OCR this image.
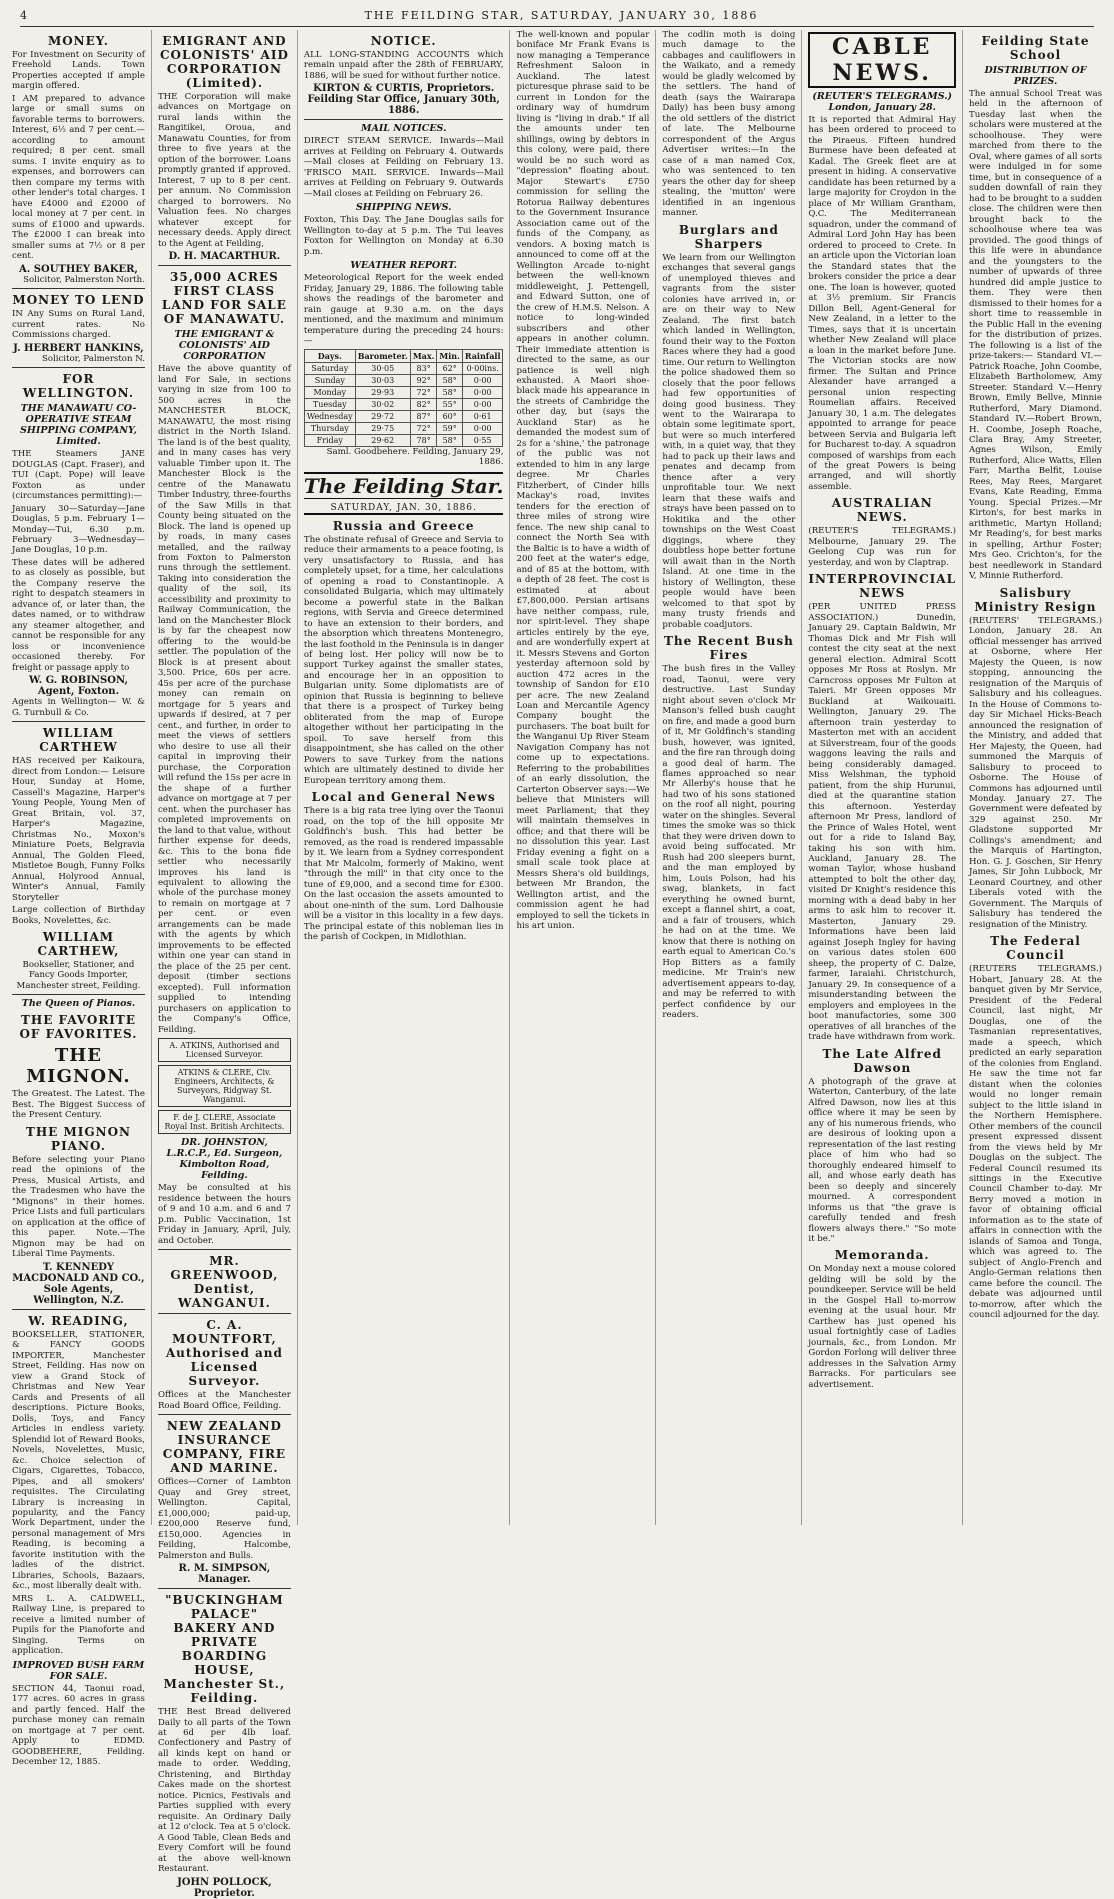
4	THE FEILDING STAR, SATURDAY, JANUARY 30, 1886
MONEY.

For Investment on Security of Freehold Lands. Town Properties accepted if ample margin offered.

I AM prepared to advance large or small sums on favorable terms to borrowers. Interest, 6½ and 7 per cent.—according to amount required; 8 per cent. small sums. I invite enquiry as to expenses, and borrowers can then compare my terms with other lender's total charges. I have £4000 and £2000 of local money at 7 per cent. in sums of £1000 and upwards. The £2000 I can break into smaller sums at 7½ or 8 per cent.

A. SOUTHEY BAKER,

Solicitor, Palmerston North.

MONEY TO LEND

IN Any Sums on Rural Land, current rates. No Commissions charged.

J. HERBERT HANKINS,

Solicitor, Palmerston N.

FOR WELLINGTON.
THE MANAWATU CO-OPERATIVE STEAM SHIPPING COMPANY, Limited.

THE Steamers JANE DOUGLAS (Capt. Fraser), and TUI (Capt. Pope) will leave Foxton as under (circumstances permitting):—

January 30—Saturday—Jane Douglas, 5 p.m. February 1—Monday—Tui, 6.30 p.m. February 3—Wednesday—Jane Douglas, 10 p.m.

These dates will be adhered to as closely as possible, but the Company reserve the right to despatch steamers in advance of, or later than, the dates named, or to withdraw any steamer altogether, and cannot be responsible for any loss or inconvenience occasioned thereby. For freight or passage apply to

W. G. ROBINSON, Agent, Foxton.

Agents in Wellington— W. & G. Turnbull & Co.

WILLIAM CARTHEW

HAS received per Kaikoura, direct from London:— Leisure Hour, Sunday at Home, Cassell's Magazine, Harper's Young People, Young Men of Great Britain, vol. 37, Harper's Magazine, Christmas No., Moxon's Miniature Poets, Belgravia Annual, The Golden Fleed, Mistletoe Bough, Funny Folks Annual, Holyrood Annual, Winter's Annual, Family Storyteller

Large collection of Birthday Books, Novelettes, &c.

WILLIAM CARTHEW,

Bookseller, Stationer, and Fancy Goods Importer, Manchester street, Feilding.

The Queen of Pianos.
THE FAVORITE OF FAVORITES.
THE MIGNON.

The Greatest. The Latest. The Best. The Biggest Success of the Present Century.

THE MIGNON PIANO.

Before selecting your Piano read the opinions of the Press, Musical Artists, and the Tradesmen who have the "Mignons" in their homes. Price Lists and full particulars on application at the office of this paper. Note.—The Mignon may be had on Liberal Time Payments.

T. KENNEDY MACDONALD AND CO., Sole Agents, Wellington, N.Z.
W. READING,

BOOKSELLER, STATIONER, & FANCY GOODS IMPORTER, Manchester Street, Feilding. Has now on view a Grand Stock of Christmas and New Year Cards and Presents of all descriptions. Picture Books, Dolls, Toys, and Fancy Articles in endless variety. Splendid lot of Reward Books, Novels, Novelettes, Music, &c. Choice selection of Cigars, Cigarettes, Tobacco, Pipes, and all smokers' requisites. The Circulating Library is increasing in popularity, and the Fancy Work Department, under the personal management of Mrs Reading, is becoming a favorite institution with the ladies of the district. Libraries, Schools, Bazaars, &c., most liberally dealt with.

MRS L. A. CALDWELL, Railway Line, is prepared to receive a limited number of Pupils for the Pianoforte and Singing. Terms on application.

IMPROVED BUSH FARM FOR SALE.

SECTION 44, Taonui road, 177 acres. 60 acres in grass and partly fenced. Half the purchase money can remain on mortgage at 7 per cent. Apply to EDMD. GOODBEHERE, Feilding. December 12, 1885.

EMIGRANT AND COLONISTS' AID CORPORATION (Limited).

THE Corporation will make advances on Mortgage on rural lands within the Rangitikei, Oroua, and Manawatu Counties, for from three to five years at the option of the borrower. Loans promptly granted if approved. Interest, 7 up to 8 per cent. per annum. No Commission charged to borrowers. No Valuation fees. No charges whatever except for necessary deeds. Apply direct to the Agent at Feilding,

D. H. MACARTHUR.
35,000 ACRES FIRST CLASS LAND FOR SALE OF MANAWATU.
THE EMIGRANT & COLONISTS' AID CORPORATION

Have the above quantity of land For Sale, in sections varying in size from 100 to 500 acres in the MANCHESTER BLOCK, MANAWATU, the most rising district in the North Island. The land is of the best quality, and in many cases has very valuable Timber upon it. The Manchester Block is the centre of the Manawatu Timber Industry, three-fourths of the Saw Mills in that County being situated on the Block. The land is opened up by roads, in many cases metalled, and the railway from Foxton to Palmerston runs through the settlement. Taking into consideration the quality of the soil, its accessibility and proximity to Railway Communication, the land on the Manchester Block is by far the cheapest now offering to the would-be settler. The population of the Block is at present about 3,500. Price, 60s per acre. 45s per acre of the purchase money can remain on mortgage for 5 years and upwards if desired, at 7 per cent., and further, in order to meet the views of settlers who desire to use all their capital in improving their purchase, the Corporation will refund the 15s per acre in the shape of a further advance on mortgage at 7 per cent. when the purchaser has completed improvements on the land to that value, without further expense for deeds, &c. This to the bona fide settler who necessarily improves his land is equivalent to allowing the whole of the purchase money to remain on mortgage at 7 per cent. or even arrangements can be made with the agents by which improvements to be effected within one year can stand in the place of the 25 per cent. deposit (timber sections excepted). Full information supplied to intending purchasers on application to the Company's Office, Feilding.

A. ATKINS, Authorised and Licensed Surveyor.
ATKINS & CLERE, Civ. Engineers, Architects, & Surveyors, Ridgway St. Wanganui.
F. de J. CLERE, Associate Royal Inst. British Architects.
DR. JOHNSTON, L.R.C.P., Ed. Surgeon, Kimbolton Road, Feilding.

May be consulted at his residence between the hours of 9 and 10 a.m. and 6 and 7 p.m. Public Vaccination, 1st Friday in January, April, July, and October.

MR. GREENWOOD, Dentist, WANGANUI.
C. A. MOUNTFORT, Authorised and Licensed Surveyor.

Offices at the Manchester Road Board Office, Feilding.

NEW ZEALAND INSURANCE COMPANY, FIRE AND MARINE.

Offices—Corner of Lambton Quay and Grey street, Wellington. Capital, £1,000,000; paid-up, £200,000 Reserve fund, £150,000. Agencies in Feilding, Halcombe, Palmerston and Bulls.

R. M. SIMPSON, Manager.
"BUCKINGHAM PALACE" BAKERY AND PRIVATE BOARDING HOUSE, Manchester St., Feilding.

THE Best Bread delivered Daily to all parts of the Town at 6d per 4lb loaf. Confectionery and Pastry of all kinds kept on hand or made to order. Wedding, Christening, and Birthday Cakes made on the shortest notice. Picnics, Festivals and Parties supplied with every requisite. An Ordinary Daily at 12 o'clock. Tea at 5 o'clock. A Good Table, Clean Beds and Every Comfort will be found at the above well-known Restaurant.

JOHN POLLOCK, Proprietor.
NOTICE.

ALL LONG-STANDING ACCOUNTS which remain unpaid after the 28th of FEBRUARY, 1886, will be sued for without further notice.

KIRTON & CURTIS, Proprietors. Feilding Star Office, January 30th, 1886.
MAIL NOTICES.

DIRECT STEAM SERVICE. Inwards—Mail arrives at Feilding on February 4. Outwards—Mail closes at Feilding on February 13. 'FRISCO MAIL SERVICE. Inwards—Mail arrives at Feilding on February 9. Outwards—Mail closes at Feilding on February 26.

SHIPPING NEWS.

Foxton, This Day. The Jane Douglas sails for Wellington to-day at 5 p.m. The Tui leaves Foxton for Wellington on Monday at 6.30 p.m.

WEATHER REPORT.

Meteorological Report for the week ended Friday, January 29, 1886. The following table shows the readings of the barometer and rain gauge at 9.30 a.m. on the days mentioned, and the maximum and minimum temperature during the preceding 24 hours:—

Days.	Barometer.	Max.	Min.	Rainfall
Saturday	30·05	83°	62°	0·00ins.
Sunday	30·03	92°	58°	0·00
Monday	29·93	72°	58°	0·00
Tuesday	30·02	82°	55°	0·00
Wednesday	29·72	87°	60°	0·61
Thursday	29·75	72°	59°	0·00
Friday	29·62	78°	58°	0·55

Saml. Goodbehere. Feilding, January 29, 1886.

The Feilding Star.
SATURDAY, JAN. 30, 1886.
Russia and Greece

The obstinate refusal of Greece and Servia to reduce their armaments to a peace footing, is very unsatisfactory to Russia, and has completely upset, for a time, her calculations of opening a road to Constantinople. A consolidated Bulgaria, which may ultimately become a powerful state in the Balkan regions, with Servia and Greece determined to have an extension to their borders, and the absorption which threatens Montenegro, the last foothold in the Peninsula is in danger of being lost. Her policy will now be to support Turkey against the smaller states, and encourage her in an opposition to Bulgarian unity. Some diplomatists are of opinion that Russia is beginning to believe that there is a prospect of Turkey being obliterated from the map of Europe altogether without her participating in the spoil. To save herself from this disappointment, she has called on the other Powers to save Turkey from the nations which are ultimately destined to divide her European territory among them.

Local and General News

There is a big rata tree lying over the Taonui road, on the top of the hill opposite Mr Goldfinch's bush. This had better be removed, as the road is rendered impassable by it. We learn from a Sydney correspondent that Mr Malcolm, formerly of Makino, went "through the mill" in that city once to the tune of £9,000, and a second time for £300. On the last occasion the assets amounted to about one-ninth of the sum. Lord Dalhousie will be a visitor in this locality in a few days. The principal estate of this nobleman lies in the parish of Cockpen, in Midlothian.

The well-known and popular boniface Mr Frank Evans is now managing a Temperance Refreshment Saloon in Auckland. The latest picturesque phrase said to be current in London for the ordinary way of humdrum living is "living in drab." If all the amounts under ten shillings, owing by debtors in this colony, were paid, there would be no such word as "depression" floating about. Major Stewart's £750 commission for selling the Rotorua Railway debentures to the Government Insurance Association came out of the funds of the Company, as vendors. A boxing match is announced to come off at the Wellington Arcade to-night between the well-known middleweight, J. Pettengell, and Edward Sutton, one of the crew of H.M.S. Nelson. A notice to long-winded subscribers and other appears in another column. Their immediate attention is directed to the same, as our patience is well nigh exhausted. A Maori shoe-black made his appearance in the streets of Cambridge the other day, but (says the Auckland Star) as he demanded the modest sum of 2s for a 'shine,' the patronage of the public was not extended to him in any large degree. Mr Charles Fitzherbert, of Cinder hills Mackay's road, invites tenders for the erection of three miles of strong wire fence. The new ship canal to connect the North Sea with the Baltic is to have a width of 200 feet at the water's edge, and of 85 at the bottom, with a depth of 28 feet. The cost is estimated at about £7,800,000. Persian artisans have neither compass, rule, nor spirit-level. They shape articles entirely by the eye, and are wonderfully expert at it. Messrs Stevens and Gorton yesterday afternoon sold by auction 472 acres in the township of Sandon for £10 per acre. The new Zealand Loan and Mercantile Agency Company bought the purchasers. The boat built for the Wanganui Up River Steam Navigation Company has not come up to expectations. Referring to the probabilities of an early dissolution, the Carterton Observer says:—We believe that Ministers will meet Parliament; that they will maintain themselves in office; and that there will be no dissolution this year. Last Friday evening a fight on a small scale took place at Messrs Shera's old buildings, between Mr Brandon, the Wellington artist, and the commission agent he had employed to sell the tickets in his art union.

The codlin moth is doing much damage to the cabbages and cauliflowers in the Waikato, and a remedy would be gladly welcomed by the settlers. The hand of death (says the Wairarapa Daily) has been busy among the old settlers of the district of late. The Melbourne correspondent of the Argus Advertiser writes:—In the case of a man named Cox, who was sentenced to ten years the other day for sheep stealing, the 'mutton' were identified in an ingenious manner.

Burglars and Sharpers

We learn from our Wellington exchanges that several gangs of unemployed thieves and vagrants from the sister colonies have arrived in, or are on their way to New Zealand. The first batch which landed in Wellington, found their way to the Foxton Races where they had a good time. Our return to Wellington the police shadowed them so closely that the poor fellows had few opportunities of doing good business. They went to the Wairarapa to obtain some legitimate sport, but were so much interfered with, in a quiet way, that they had to pack up their laws and penates and decamp from thence after a very unprofitable tour. We next learn that these waifs and strays have been passed on to Hokitika and the other townships on the West Coast diggings, where they doubtless hope better fortune will await than in the North Island. At one time in the history of Wellington, these people would have been welcomed to that spot by many trusty friends and probable coadjutors.

The Recent Bush Fires

The bush fires in the Valley road, Taonui, were very destructive. Last Sunday night about seven o'clock Mr Manson's felled bush caught on fire, and made a good burn of it, Mr Goldfinch's standing bush, however, was ignited, and the fire ran through doing a good deal of harm. The flames approached so near Mr Allerby's house that he had two of his sons stationed on the roof all night, pouring water on the shingles. Several times the smoke was so thick that they were driven down to avoid being suffocated. Mr Rush had 200 sleepers burnt, and the man employed by him, Louis Polson, had his swag, blankets, in fact everything he owned burnt, except a flannel shirt, a coat, and a fair of trousers, which he had on at the time. We know that there is nothing on earth equal to American Co.'s Hop Bitters as a family medicine. Mr Train's new advertisement appears to-day, and may be referred to with perfect confidence by our readers.

CABLE NEWS.
(REUTER'S TELEGRAMS.) London, January 28.

It is reported that Admiral Hay has been ordered to proceed to the Piraeus. Fifteen hundred Burmese have been defeated at Kadal. The Greek fleet are at present in hiding. A conservative candidate has been returned by a large majority for Croydon in the place of Mr William Grantham, Q.C. The Mediterranean squadron, under the command of Admiral Lord John Hay has been ordered to proceed to Crete. In an article upon the Victorian loan the Standard states that the brokers consider the price a dear one. The loan is however, quoted at 3½ premium. Sir Francis Dillon Bell, Agent-General for New Zealand, in a letter to the Times, says that it is uncertain whether New Zealand will place a loan in the market before June. The Victorian stocks are now firmer. The Sultan and Prince Alexander have arranged a personal union respecting Roumelian affairs. Received January 30, 1 a.m. The delegates appointed to arrange for peace between Servia and Bulgaria left for Bucharest to-day. A squadron composed of warships from each of the great Powers is being arranged, and will shortly assemble.

AUSTRALIAN NEWS.

(REUTER'S TELEGRAMS.) Melbourne, January 29. The Geelong Cup was run for yesterday, and won by Claptrap.

INTERPROVINCIAL NEWS

(PER UNITED PRESS ASSOCIATION.) Dunedin, January 29. Captain Baldwin, Mr Thomas Dick and Mr Fish will contest the city seat at the next general election. Admiral Scott opposes Mr Ross at Roslyn. Mr Carncross opposes Mr Fulton at Taieri. Mr Green opposes Mr Buckland at Waikouaiti. Wellington, January 29. The afternoon train yesterday to Masterton met with an accident at Silverstream, four of the goods waggons leaving the rails and being considerably damaged. Miss Welshman, the typhoid patient, from the ship Hurunui, died at the quarantine station this afternoon. Yesterday afternoon Mr Press, landlord of the Prince of Wales Hotel, went out for a ride to Island Bay, taking his son with him. Auckland, January 28. The woman Taylor, whose husband attempted to bolt the other day, visited Dr Knight's residence this morning with a dead baby in her arms to ask him to recover it. Masterton, January 29. Informations have been laid against Joseph Ingley for having on various dates stolen 600 sheep, the property of C. Dalze, farmer, Iaraiahi. Christchurch, January 29. In consequence of a misunderstanding between the employers and employees in the boot manufactories, some 300 operatives of all branches of the trade have withdrawn from work.

The Late Alfred Dawson

A photograph of the grave at Waterton, Canterbury, of the late Alfred Dawson, now lies at this office where it may be seen by any of his numerous friends, who are desirous of looking upon a representation of the last resting place of him who had so thoroughly endeared himself to all, and whose early death has been so deeply and sincerely mourned. A correspondent informs us that "the grave is carefully tended and fresh flowers always there." "So mote it be."

Memoranda.

On Monday next a mouse colored gelding will be sold by the poundkeeper. Service will be held in the Gospel Hall to-morrow evening at the usual hour. Mr Carthew has just opened his usual fortnightly case of Ladies journals, &c., from London. Mr Gordon Forlong will deliver three addresses in the Salvation Army Barracks. For particulars see advertisement.

Feilding State School
DISTRIBUTION OF PRIZES.

The annual School Treat was held in the afternoon of Tuesday last when the scholars were mustered at the schoolhouse. They were marched from there to the Oval, where games of all sorts were indulged in for some time, but in consequence of a sudden downfall of rain they had to be brought to a sudden close. The children were then brought back to the schoolhouse where tea was provided. The good things of this life were in abundance and the youngsters to the number of upwards of three hundred did ample justice to them. They were then dismissed to their homes for a short time to reassemble in the Public Hall in the evening for the distribution of prizes. The following is a list of the prize-takers:— Standard VI.—Patrick Roache, John Coombe, Elizabeth Bartholomew, Amy Streeter. Standard V.—Henry Brown, Emily Bellve, Minnie Rutherford, Mary Diamond. Standard IV.—Robert Brown, H. Coombe, Joseph Roache, Clara Bray, Amy Streeter, Agnes Wilson, Emily Rutherford, Alice Watts, Ellen Farr, Martha Belfit, Louise Rees, May Rees, Margaret Evans, Kate Reading, Emma Young. Special Prizes.—Mr Kirton's, for best marks in arithmetic, Martyn Holland; Mr Reading's, for best marks in spelling, Arthur Foster; Mrs Geo. Crichton's, for the best needlework in Standard V, Minnie Rutherford.

Salisbury Ministry Resign

(REUTERS' TELEGRAMS.) London, January 28. An official messenger has arrived at Osborne, where Her Majesty the Queen, is now stopping, announcing the resignation of the Marquis of Salisbury and his colleagues. In the House of Commons to-day Sir Michael Hicks-Beach announced the resignation of the Ministry, and added that Her Majesty, the Queen, had summoned the Marquis of Salisbury to proceed to Osborne. The House of Commons has adjourned until Monday. January 27. The Government were defeated by 329 against 250. Mr Gladstone supported Mr Collings's amendment; and the Marquis of Hartington, Hon. G. J. Goschen, Sir Henry James, Sir John Lubbock, Mr Leonard Courtney, and other Liberals voted with the Government. The Marquis of Salisbury has tendered the resignation of the Ministry.

The Federal Council

(REUTERS TELEGRAMS.) Hobart, January 28. At the banquet given by Mr Service, President of the Federal Council, last night, Mr Douglas, one of the Tasmanian representatives, made a speech, which predicted an early separation of the colonies from England. He saw the time not far distant when the colonies would no longer remain subject to the little island in the Northern Hemisphere. Other members of the council present expressed dissent from the views held by Mr Douglas on the subject. The Federal Council resumed its sittings in the Executive Council Chamber to-day. Mr Berry moved a motion in favor of obtaining official information as to the state of affairs in connection with the islands of Samoa and Tonga, which was agreed to. The subject of Anglo-French and Anglo-German relations then came before the council. The debate was adjourned until to-morrow, after which the council adjourned for the day.
